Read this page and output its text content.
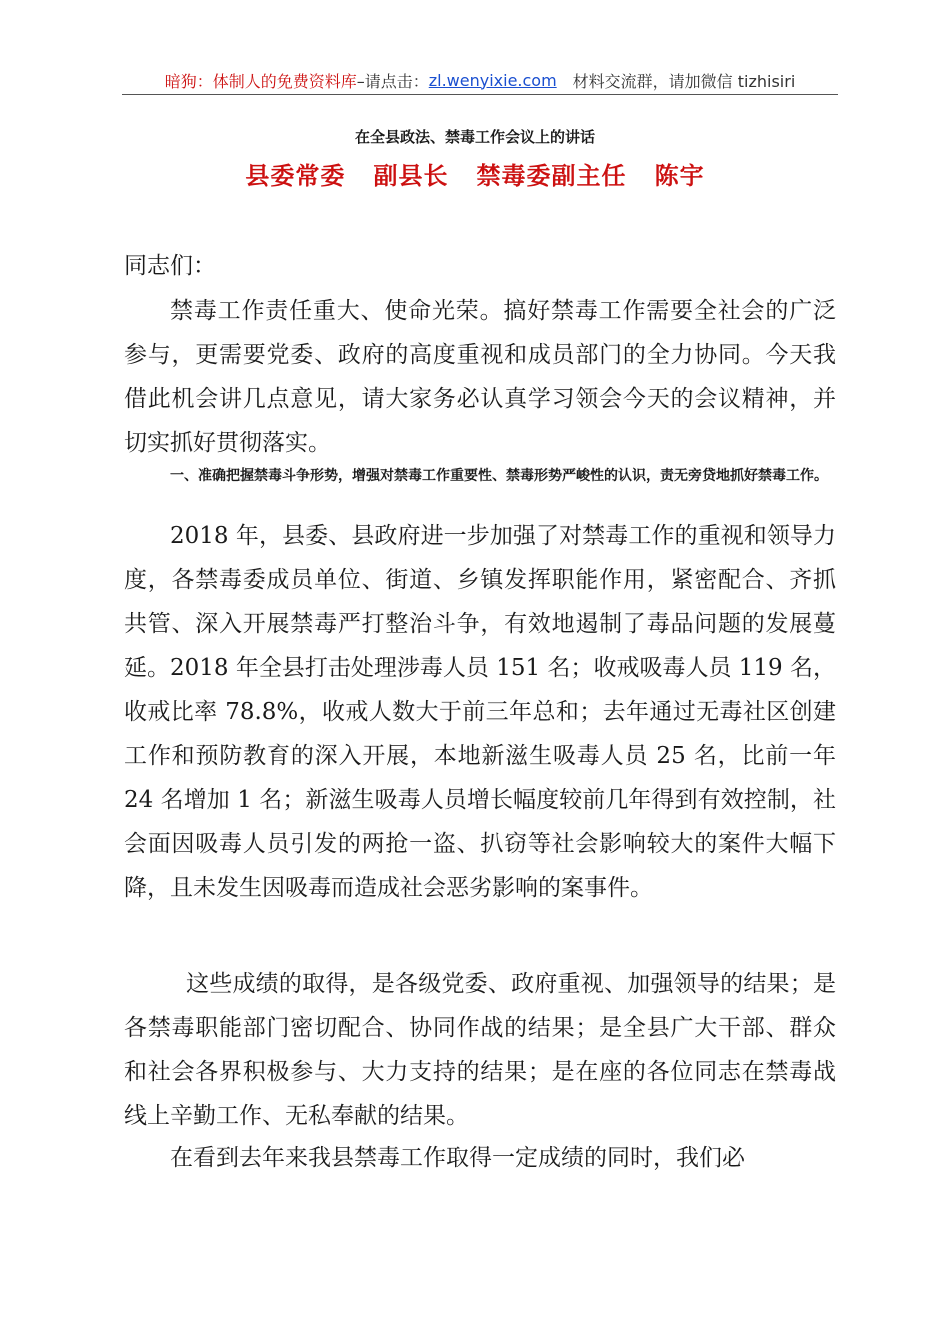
暗狗：体制人的免费资料库 –请点击： zl.wenyixie.com 材料交流群，请加微信 tizhisiri
在全县政法、禁毒工作会议上的讲话
县委常委   副县长   禁毒委副主任   陈宇
同志们：
禁毒工作责任重大、使命光荣。搞好禁毒工作需要全社会的广泛参与，更需要党委、政府的高度重视和成员部门的全力协同。今天我借此机会讲几点意见，请大家务必认真学习领会今天的会议精神，并切实抓好贯彻落实。
一、准确把握禁毒斗争形势，增强对禁毒工作重要性、禁毒形势严峻性的认识，责无旁贷地抓好禁毒工作。
2018 年，县委、县政府进一步加强了对禁毒工作的重视和领导力度，各禁毒委成员单位、街道、乡镇发挥职能作用，紧密配合、齐抓共管、深入开展禁毒严打整治斗争，有效地遏制了毒品问题的发展蔓延。2018 年全县打击处理涉毒人员 151 名；收戒吸毒人员 119 名，收戒比率 78.8%，收戒人数大于前三年总和；去年通过无毒社区创建工作和预防教育的深入开展，本地新滋生吸毒人员 25 名，比前一年 24 名增加 1 名；新滋生吸毒人员增长幅度较前几年得到有效控制，社会面因吸毒人员引发的两抢一盗、扒窃等社会影响较大的案件大幅下降，且未发生因吸毒而造成社会恶劣影响的案事件。
这些成绩的取得，是各级党委、政府重视、加强领导的结果；是各禁毒职能部门密切配合、协同作战的结果；是全县广大干部、群众和社会各界积极参与、大力支持的结果；是在座的各位同志在禁毒战线上辛勤工作、无私奉献的结果。
在看到去年来我县禁毒工作取得一定成绩的同时，我们必
